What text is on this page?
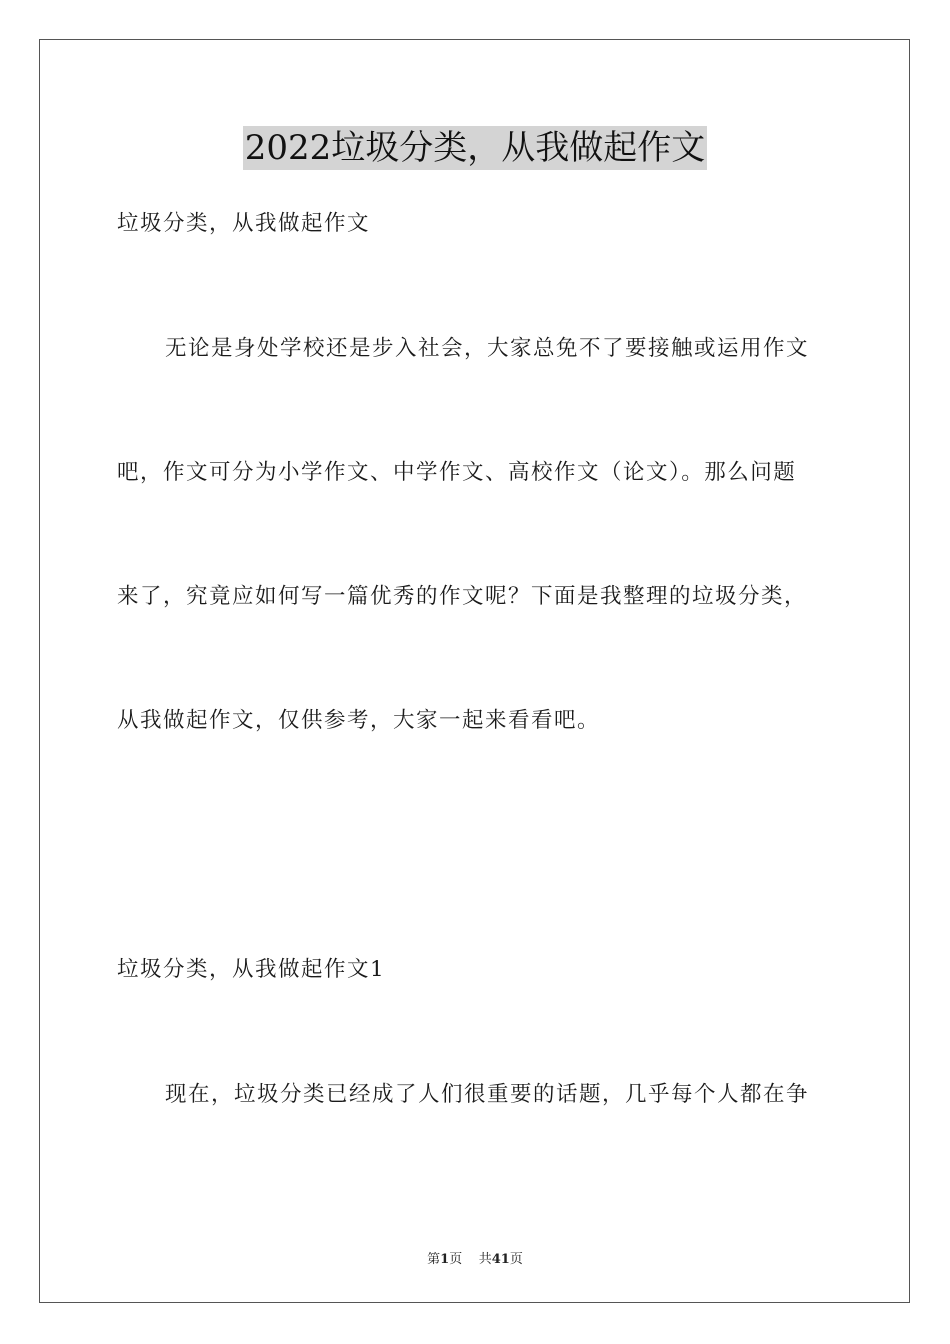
2022垃圾分类，从我做起作文
垃圾分类，从我做起作文
无论是身处学校还是步入社会，大家总免不了要接触或运用作文
吧，作文可分为小学作文、中学作文、高校作文（论文）。那么问题
来了，究竟应如何写一篇优秀的作文呢？下面是我整理的垃圾分类，
从我做起作文，仅供参考，大家一起来看看吧。
垃圾分类，从我做起作文1
现在，垃圾分类已经成了人们很重要的话题，几乎每个人都在争
第1页 共41页
